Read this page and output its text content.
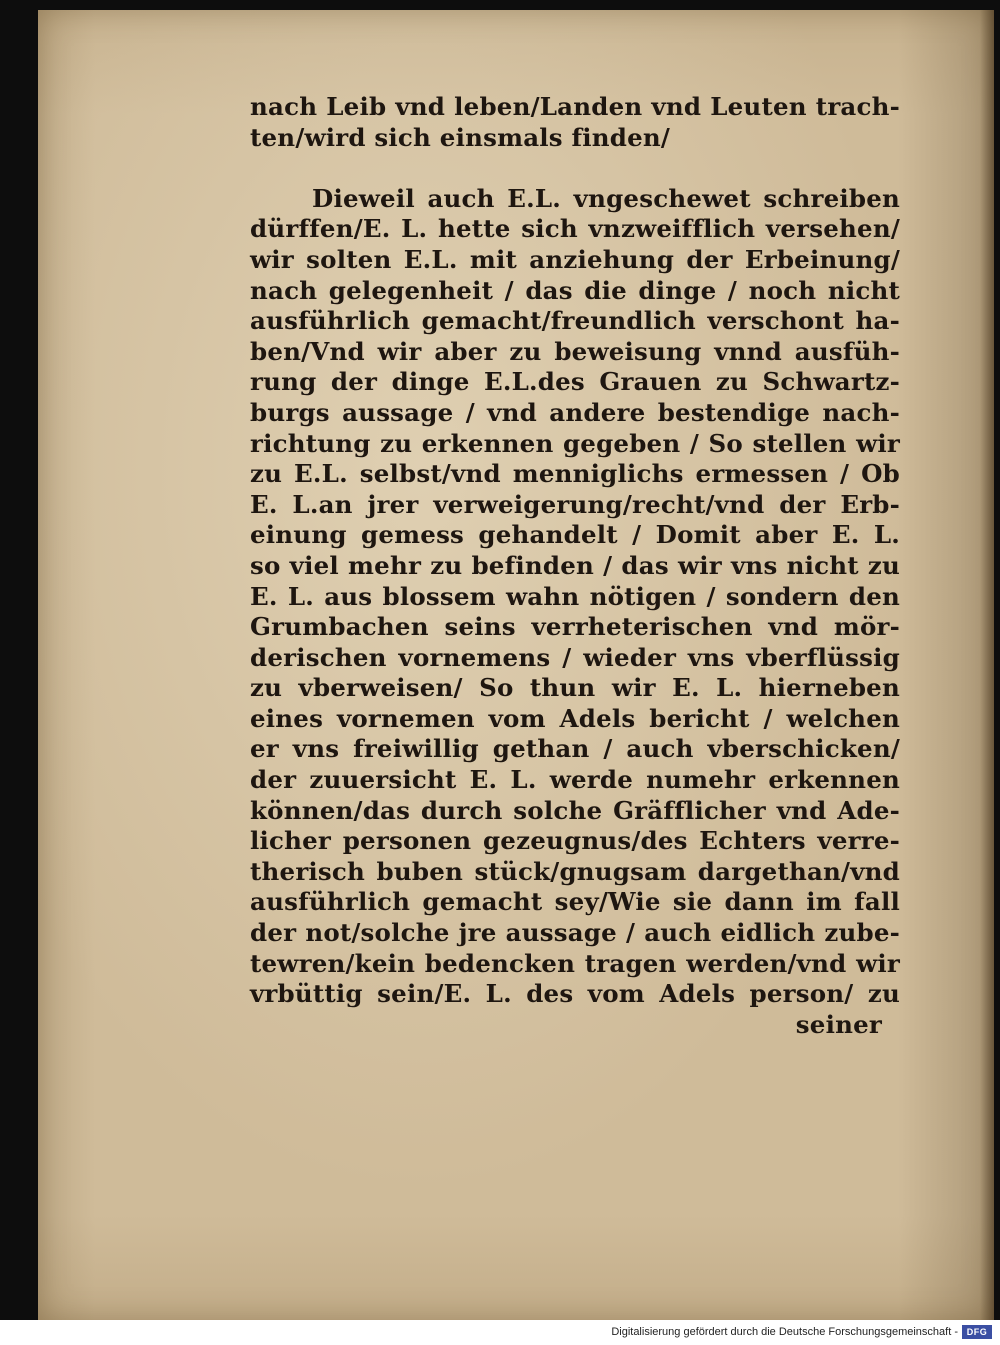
nach Leib vnd leben/Landen vnd Leuten trach-
ten/wird sich einsmals finden/
Dieweil auch E.L. vngeschewet schreiben
dürffen/E. L. hette sich vnzweifflich versehen/
wir solten E.L. mit anziehung der Erbeinung/
nach gelegenheit / das die dinge / noch nicht
ausführlich gemacht/freundlich verschont ha-
ben/Vnd wir aber zu beweisung vnnd ausfüh-
rung der dinge E.L.des Grauen zu Schwartz-
burgs aussage / vnd andere bestendige nach-
richtung zu erkennen gegeben / So stellen wir
zu E.L. selbst/vnd menniglichs ermessen / Ob
E. L.an jrer verweigerung/recht/vnd der Erb-
einung gemess gehandelt / Domit aber E. L.
so viel mehr zu befinden / das wir vns nicht zu
E. L. aus blossem wahn nötigen / sondern den
Grumbachen seins verrheterischen vnd mör-
derischen vornemens / wieder vns vberflüssig
zu vberweisen/ So thun wir E. L. hierneben
eines vornemen vom Adels bericht / welchen
er vns freiwillig gethan / auch vberschicken/
der zuuersicht E. L. werde numehr erkennen
können/das durch solche Gräfflicher vnd Ade-
licher personen gezeugnus/des Echters verre-
therisch buben stück/gnugsam dargethan/vnd
ausführlich gemacht sey/Wie sie dann im fall
der not/solche jre aussage / auch eidlich zube-
tewren/kein bedencken tragen werden/vnd wir
vrbüttig sein/E. L. des vom Adels person/ zu
seiner
Digitalisierung gefördert durch die Deutsche Forschungsgemeinschaft - DFG
